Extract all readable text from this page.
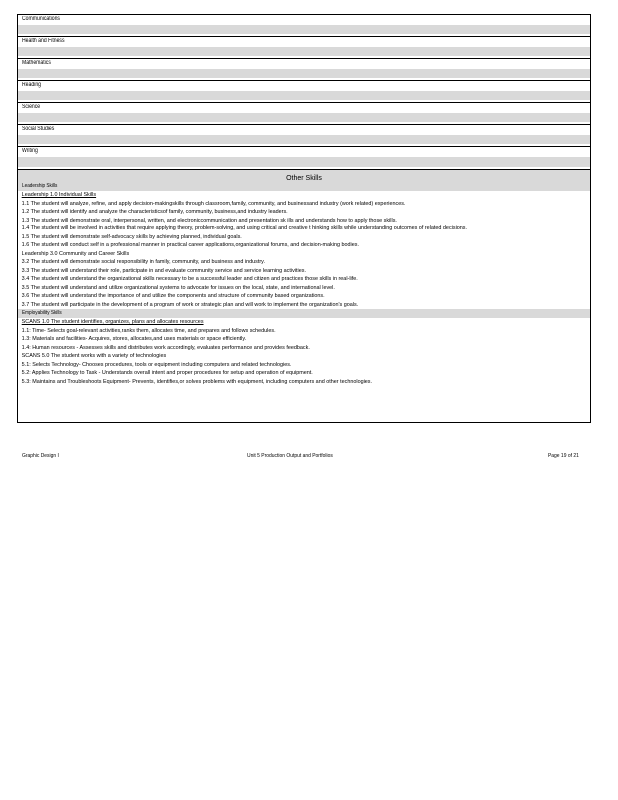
Communications
Health and Fitness
Mathematics
Reading
Science
Social Studies
Writing
Other Skills
Leadership Skills
Leadership 1.0 Individual Skills
1.1 The student will analyze, refine, and apply decision-makingskills through classroom,family, community, and businessand industry (work related) experiences.
1.2 The student will identify and analyze the characteristicsof family, community, business,and industry leaders.
1.3 The student will demonstrate oral, interpersonal, written, and electroniccommunication and presentation sk ills and understands how to apply those skills.
1.4 The student will be involved in activities that require applying theory, problem-solving, and using critical and creative t hinking skills while understanding outcomes of related decisions.
1.5 The student will demonstrate self-advocacy skills by achieving planned, individual goals.
1.6 The student will conduct self in a professional manner in practical career applications,organizational forums, and decision-making bodies.
Leadership 3.0 Community and Career Skills
3.2 The student will demonstrate social responsibility in family, community, and business and industry.
3.3 The student will understand their role, participate in and evaluate community service and service learning activities.
3.4 The student will understand the organizational skills necessary to be a successful leader and citizen and practices those skills in real-life.
3.5 The student will understand and utilize organizational systems to advocate for issues on the local, state, and international level.
3.6 The student will understand the importance of and utilize the components and structure of community based organizations.
3.7 The student will participate in the development of a program of work or strategic plan and will work to implement the organization's goals.
Employability Skills
SCANS 1.0 The student identifies, organizes, plans and allocates resources
1.1: Time- Selects goal-relevant activities,ranks them, allocates time, and prepares and follows schedules.
1.3: Materials and facilities- Acquires, stores, allocates,and uses materials or space efficiently.
1.4: Human resources - Assesses skills and distributes work accordingly, evaluates performance and provides feedback.
SCANS 5.0 The student works with a variety of technologies
5.1: Selects Technology- Chooses procedures, tools or equipment including computers and related technologies.
5.2: Applies Technology to Task - Understands overall intent and proper procedures for setup and operation of equipment.
5.3: Maintains and Troubleshoots Equipment- Prevents, identifies,or solves problems with equipment, including computers and other technologies.
Graphic Design I	Unit 5 Production Output and Portfolios	Page 19 of 21
